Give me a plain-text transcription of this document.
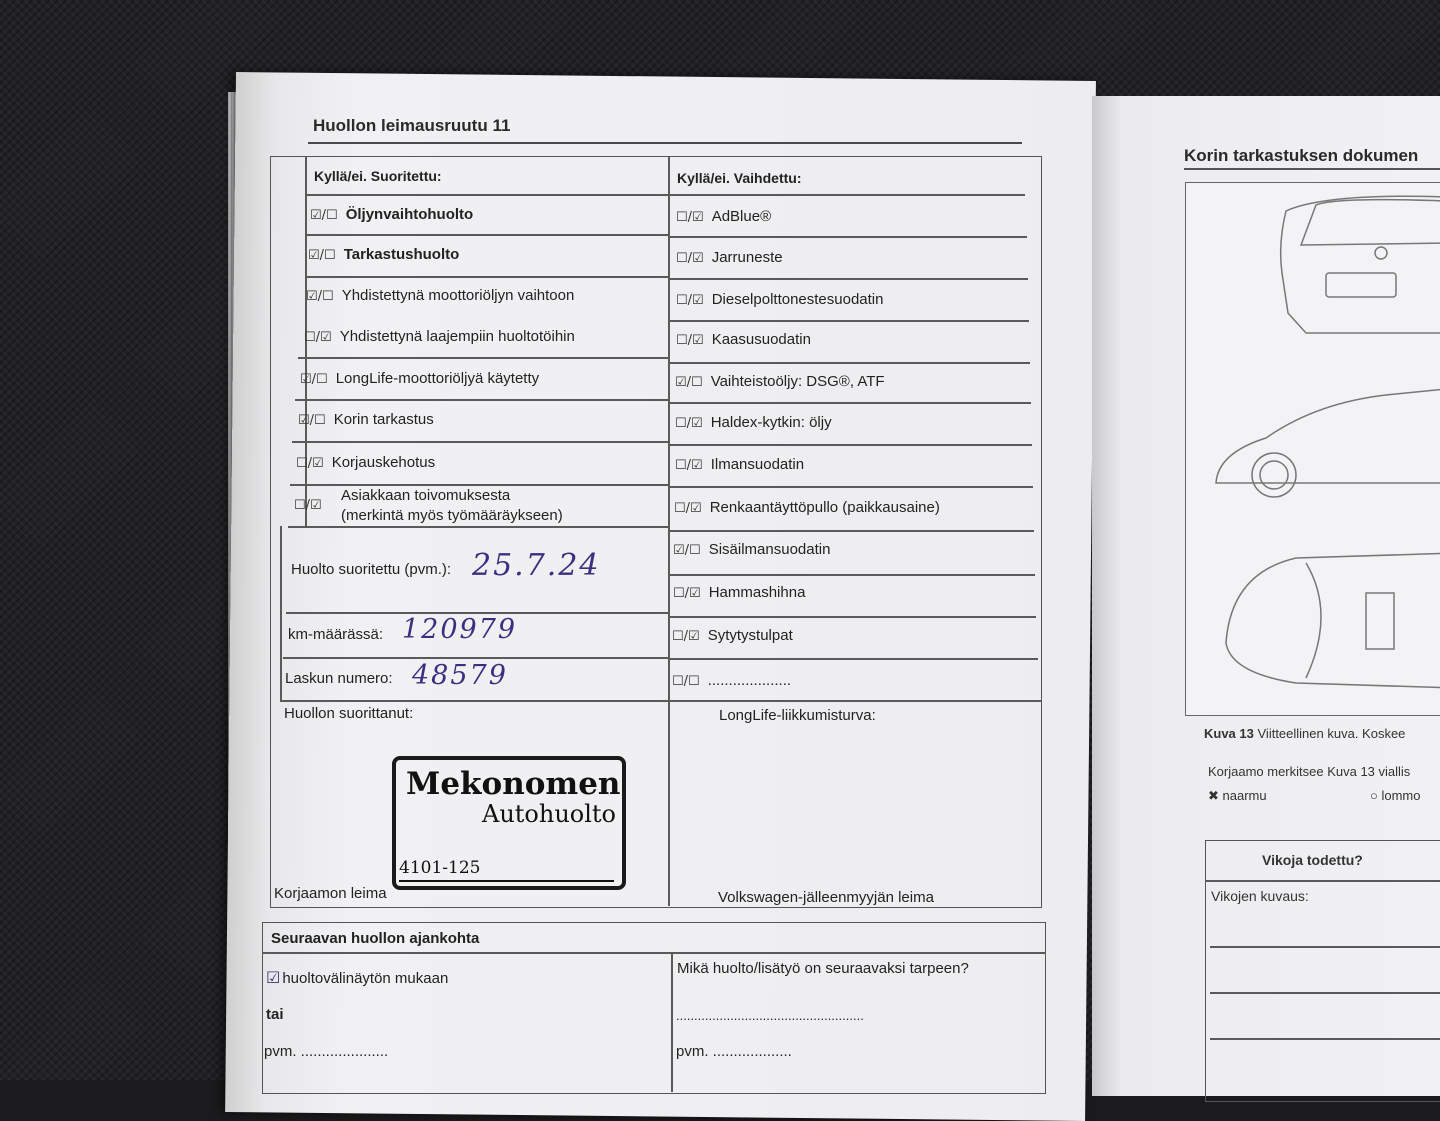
Huollon leimausruutu 11
Kyllä/ei. Suoritettu:	Kyllä/ei. Vaihdettu:
☑/☐ Öljynvaihtohuolto
☑/☐ Tarkastushuolto
☑/☐ Yhdistettynä moottoriöljyn vaihtoon
☐/☑ Yhdistettynä laajempiin huoltotöihin
☑/☐ LongLife-moottoriöljyä käytetty
☑/☐ Korin tarkastus
☐/☑ Korjauskehotus
☐/☑
Asiakkaan toivomuksesta
(merkintä myös työmääräykseen)
Huolto suoritettu (pvm.): 25.7.24
km-määrässä: 120979
Laskun numero: 48579
☐/☑ AdBlue®
☐/☑ Jarruneste
☐/☑ Dieselpolttonestesuodatin
☐/☑ Kaasusuodatin
☑/☐ Vaihteistoöljy: DSG®, ATF
☐/☑ Haldex-kytkin: öljy
☐/☑ Ilmansuodatin
☐/☑ Renkaantäyttöpullo (paikkausaine)
☑/☐ Sisäilmansuodatin
☐/☑ Hammashihna
☐/☑ Sytytystulpat
☐/☐ ....................
Huollon suorittanut:
Mekonomen
Autohuolto
4101-125
Korjaamon leima
LongLife-liikkumisturva:
Volkswagen-jälleenmyyjän leima
Seuraavan huollon ajankohta
☑ huoltovälinäytön mukaan
tai
pvm. .....................
Mikä huolto/lisätyö on seuraavaksi tarpeen?
....................................................
pvm. ...................
Korin tarkastuksen dokumen
Kuva 13 Viitteellinen kuva. Koskee
Korjaamo merkitsee Kuva 13 viallis
✖ naarmu	○ lommo
Vikoja todettu?
Vikojen kuvaus:
